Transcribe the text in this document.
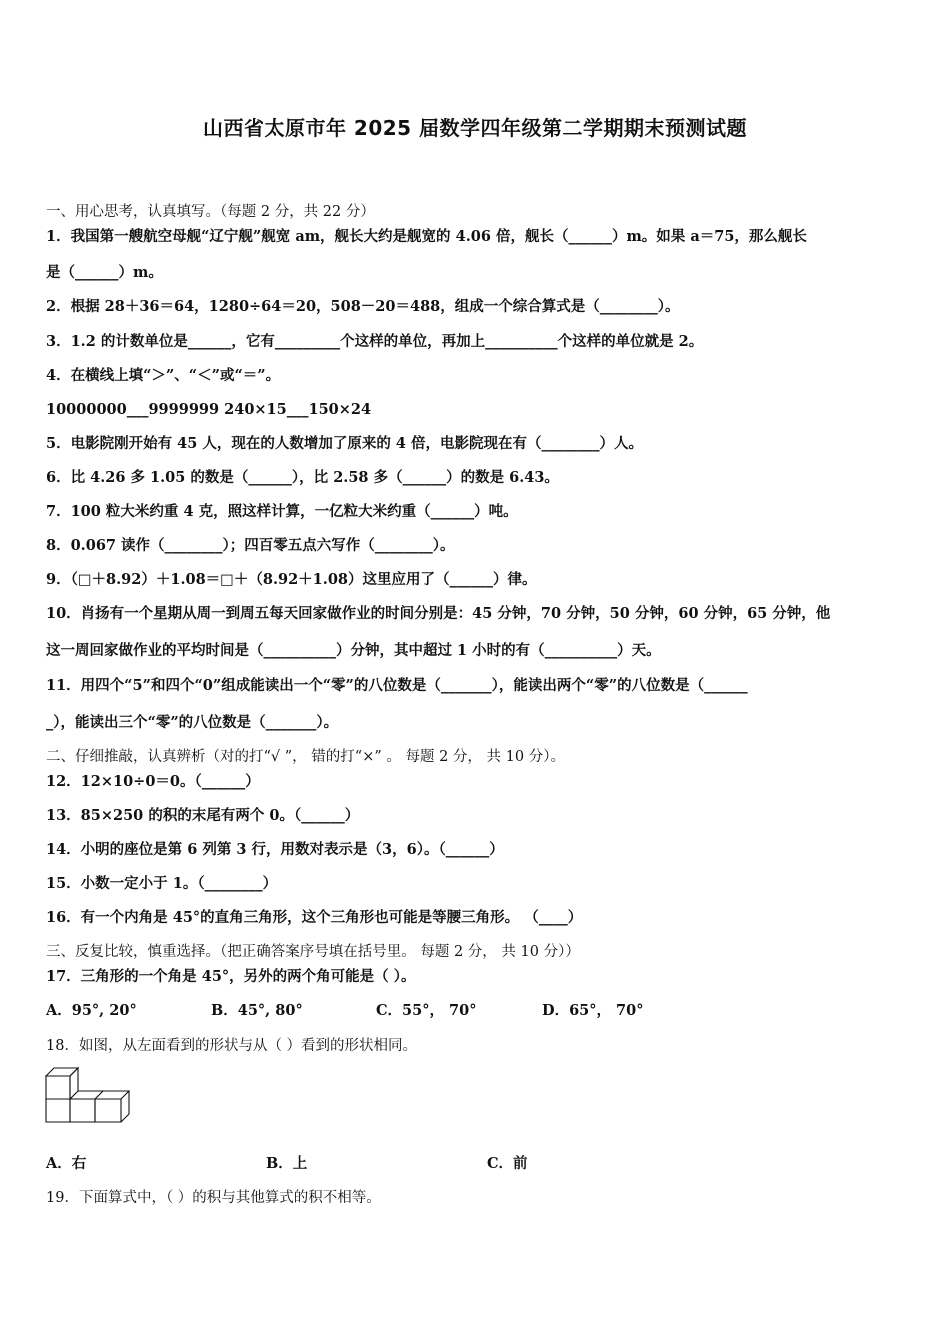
山西省太原市年 2025 届数学四年级第二学期期末预测试题
一、用心思考，认真填写。（每题 2 分，共 22 分）
1．我国第一艘航空母舰“辽宁舰”舰宽 am，舰长大约是舰宽的 4.06 倍，舰长（______）m。如果 a＝75，那么舰长
是（______）m。
2．根据 28＋36＝64，1280÷64＝20，508－20＝488，组成一个综合算式是（________）。
3．1.2 的计数单位是______，它有_________个这样的单位，再加上__________个这样的单位就是 2。
4．在横线上填“＞”、“＜”或“＝”。
10000000___9999999 240×15___150×24
5．电影院刚开始有 45 人，现在的人数增加了原来的 4 倍，电影院现在有（________）人。
6．比 4.26 多 1.05 的数是（______），比 2.58 多（______）的数是 6.43。
7．100 粒大米约重 4 克，照这样计算，一亿粒大米约重（______）吨。
8．0.067 读作（________）；四百零五点六写作（________）。
9．（□＋8.92）＋1.08＝□＋（8.92＋1.08）这里应用了（______）律。
10．肖扬有一个星期从周一到周五每天回家做作业的时间分别是：45 分钟，70 分钟，50 分钟，60 分钟，65 分钟，他
这一周回家做作业的平均时间是（__________）分钟，其中超过 1 小时的有（__________）天。
11．用四个“5”和四个“0”组成能读出一个“零”的八位数是（_______），能读出两个“零”的八位数是（______
_），能读出三个“零”的八位数是（_______）。
二、仔细推敲，认真辨析（对的打“√ ”， 错的打“×” 。 每题 2 分， 共 10 分）。
12．12×10÷0＝0。（______）
13．85×250 的积的末尾有两个 0。（______）
14．小明的座位是第 6 列第 3 行，用数对表示是（3，6）。（______）
15．小数一定小于 1。（________）
16．有一个内角是 45°的直角三角形，这个三角形也可能是等腰三角形。 （____）
三、反复比较，慎重选择。（把正确答案序号填在括号里。 每题 2 分， 共 10 分））
17．三角形的一个角是 45°，另外的两个角可能是（ ）。
A．95°, 20°	B．45°, 80°	C．55°， 70°	D．65°， 70°
18．如图，从左面看到的形状与从（ ）看到的形状相同。
A．右	B．上	C．前
19．下面算式中，（ ）的积与其他算式的积不相等。
